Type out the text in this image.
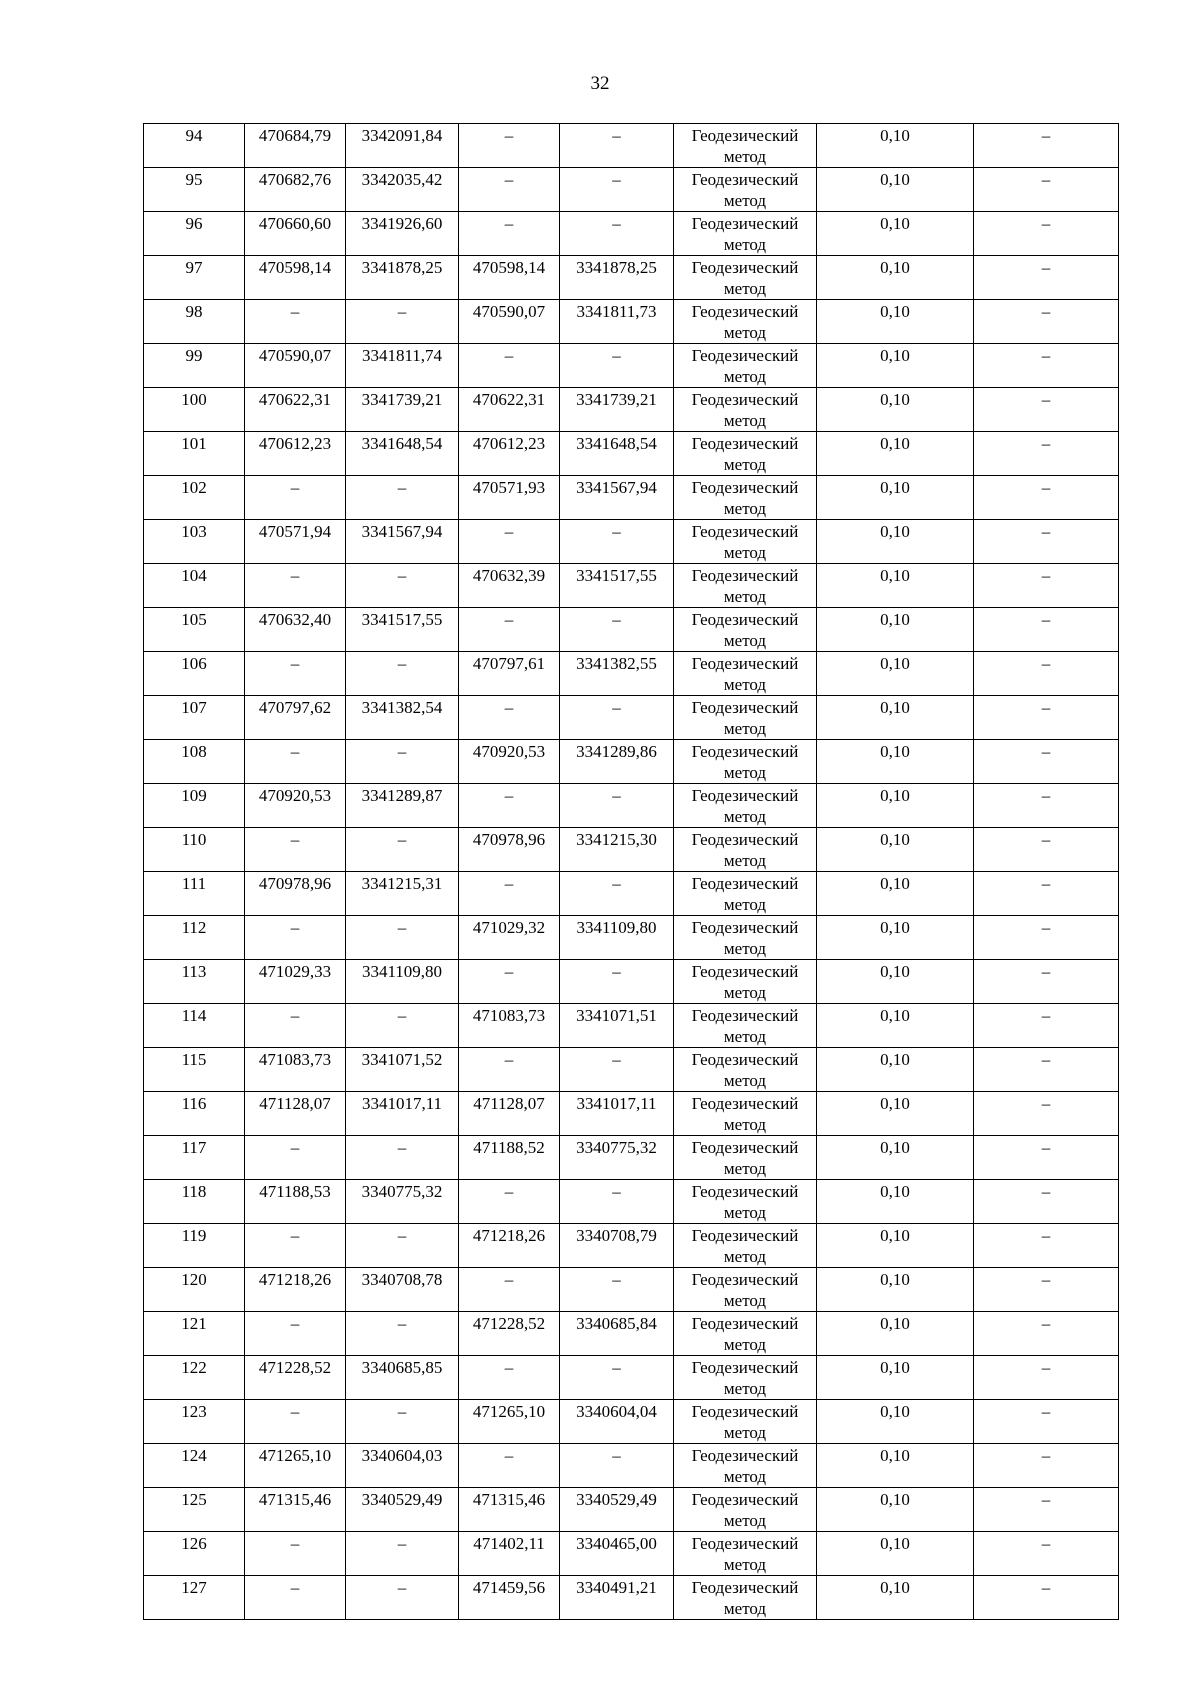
32
94	470684,79	3342091,84	–	–	Геодезический
метод	0,10	–

95	470682,76	3342035,42	–	–	Геодезический
метод	0,10	–

96	470660,60	3341926,60	–	–	Геодезический
метод	0,10	–

97	470598,14	3341878,25	470598,14	3341878,25	Геодезический
метод	0,10	–

98	–	–	470590,07	3341811,73	Геодезический
метод	0,10	–

99	470590,07	3341811,74	–	–	Геодезический
метод	0,10	–

100	470622,31	3341739,21	470622,31	3341739,21	Геодезический
метод	0,10	–

101	470612,23	3341648,54	470612,23	3341648,54	Геодезический
метод	0,10	–

102	–	–	470571,93	3341567,94	Геодезический
метод	0,10	–

103	470571,94	3341567,94	–	–	Геодезический
метод	0,10	–

104	–	–	470632,39	3341517,55	Геодезический
метод	0,10	–

105	470632,40	3341517,55	–	–	Геодезический
метод	0,10	–

106	–	–	470797,61	3341382,55	Геодезический
метод	0,10	–

107	470797,62	3341382,54	–	–	Геодезический
метод	0,10	–

108	–	–	470920,53	3341289,86	Геодезический
метод	0,10	–

109	470920,53	3341289,87	–	–	Геодезический
метод	0,10	–

110	–	–	470978,96	3341215,30	Геодезический
метод	0,10	–

111	470978,96	3341215,31	–	–	Геодезический
метод	0,10	–

112	–	–	471029,32	3341109,80	Геодезический
метод	0,10	–

113	471029,33	3341109,80	–	–	Геодезический
метод	0,10	–

114	–	–	471083,73	3341071,51	Геодезический
метод	0,10	–

115	471083,73	3341071,52	–	–	Геодезический
метод	0,10	–

116	471128,07	3341017,11	471128,07	3341017,11	Геодезический
метод	0,10	–

117	–	–	471188,52	3340775,32	Геодезический
метод	0,10	–

118	471188,53	3340775,32	–	–	Геодезический
метод	0,10	–

119	–	–	471218,26	3340708,79	Геодезический
метод	0,10	–

120	471218,26	3340708,78	–	–	Геодезический
метод	0,10	–

121	–	–	471228,52	3340685,84	Геодезический
метод	0,10	–

122	471228,52	3340685,85	–	–	Геодезический
метод	0,10	–

123	–	–	471265,10	3340604,04	Геодезический
метод	0,10	–

124	471265,10	3340604,03	–	–	Геодезический
метод	0,10	–

125	471315,46	3340529,49	471315,46	3340529,49	Геодезический
метод	0,10	–

126	–	–	471402,11	3340465,00	Геодезический
метод	0,10	–

127	–	–	471459,56	3340491,21	Геодезический
метод	0,10	–
